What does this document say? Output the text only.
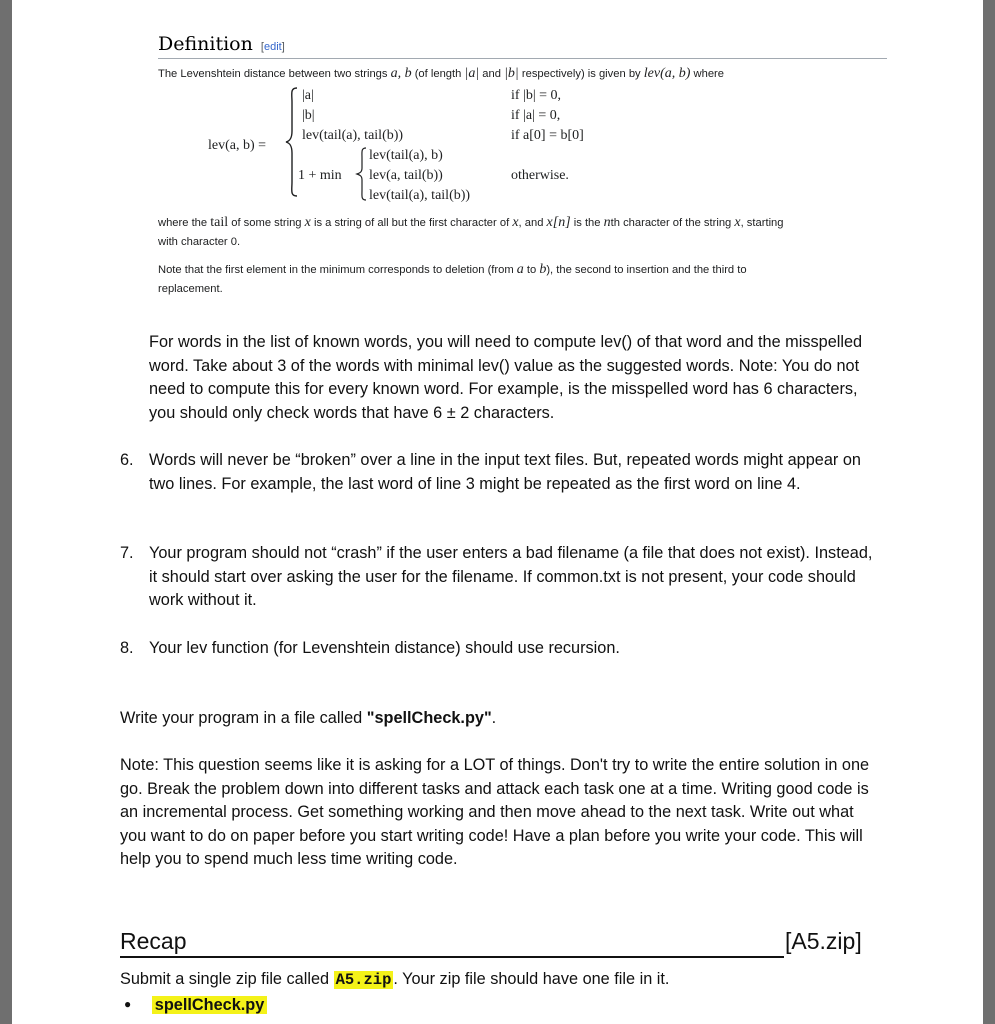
Definition [edit]
The Levenshtein distance between two strings a, b (of length |a| and |b| respectively) is given by lev(a, b) where
lev(a, b) =
|a|
|b|
lev(tail(a), tail(b))
1 + min
lev(tail(a), b)
lev(a, tail(b))
lev(tail(a), tail(b))
if |b| = 0,
if |a| = 0,
if a[0] = b[0]
otherwise.
where the tail of some string x is a string of all but the first character of x, and x[n] is the nth character of the string x, starting
with character 0.
Note that the first element in the minimum corresponds to deletion (from a to b), the second to insertion and the third to
replacement.
For words in the list of known words, you will need to compute lev() of that word and the misspelled word. Take about 3 of the words with minimal lev() value as the suggested words. Note: You do not need to compute this for every known word. For example, is the misspelled word has 6 characters, you should only check words that have 6 ± 2 characters.
6. Words will never be “broken” over a line in the input text files. But, repeated words might appear on two lines. For example, the last word of line 3 might be repeated as the first word on line 4.
7. Your program should not “crash” if the user enters a bad filename (a file that does not exist). Instead, it should start over asking the user for the filename. If common.txt is not present, your code should work without it.
8. Your lev function (for Levenshtein distance) should use recursion.
Write your program in a file called "spellCheck.py".
Note: This question seems like it is asking for a LOT of things. Don't try to write the entire solution in one go. Break the problem down into different tasks and attack each task one at a time. Writing good code is an incremental process. Get something working and then move ahead to the next task. Write out what you want to do on paper before you start writing code! Have a plan before you write your code. This will help you to spend much less time writing code.
Recap	[A5.zip]
Submit a single zip file called A5.zip . Your zip file should have one file in it.
● spellCheck.py
